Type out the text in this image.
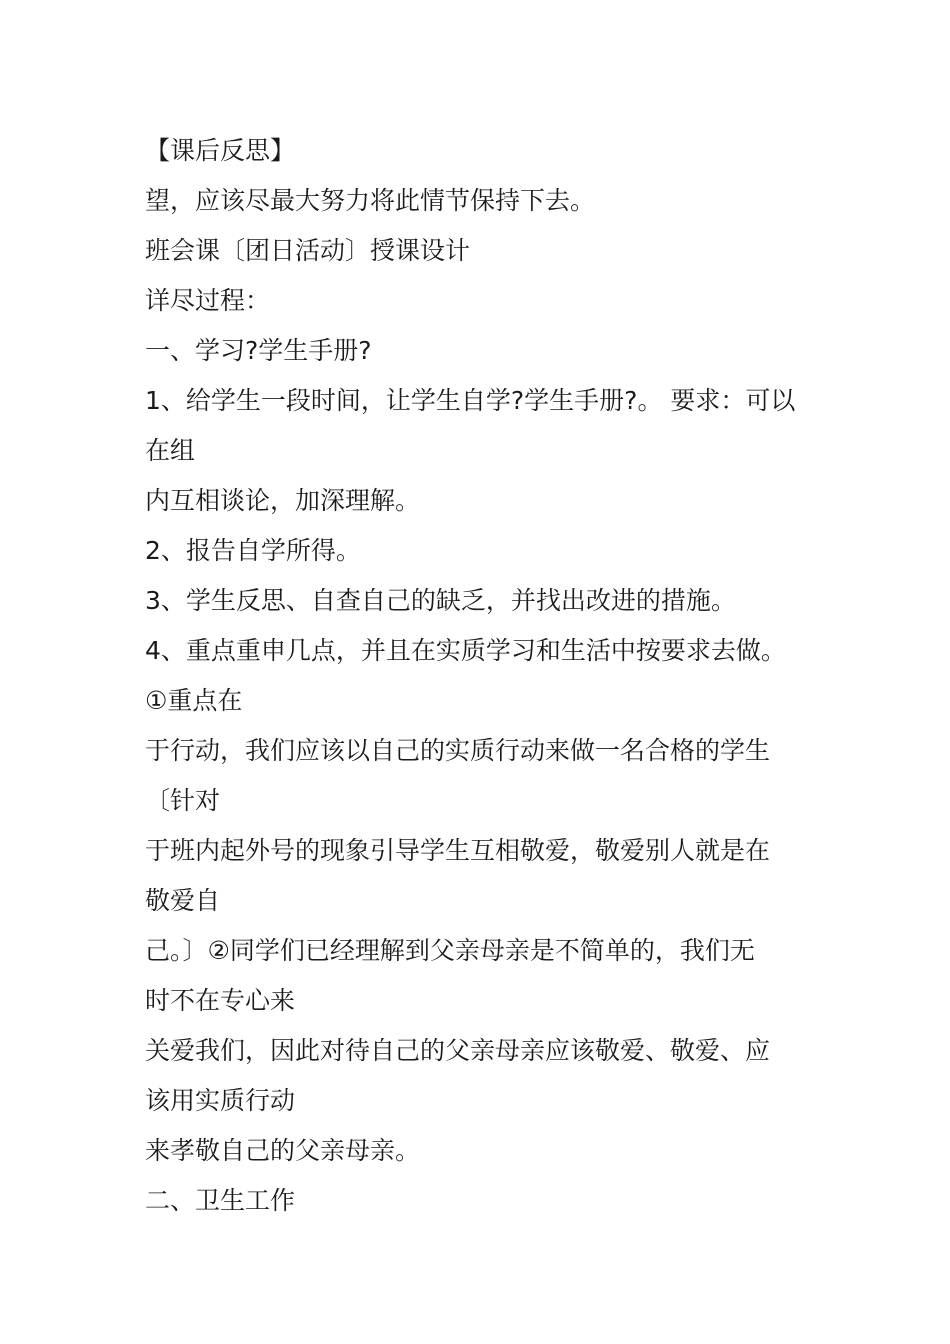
【课后反思】
望，应该尽最大努力将此情节保持下去。
班会课〔团日活动〕授课设计
详尽过程：
一、学习?学生手册?
1、给学生一段时间，让学生自学?学生手册?。 要求：可以
在组
内互相谈论，加深理解。
2、报告自学所得。
3、学生反思、自查自己的缺乏，并找出改进的措施。
4、重点重申几点，并且在实质学习和生活中按要求去做。
①重点在
于行动，我们应该以自己的实质行动来做一名合格的学生
〔针对
于班内起外号的现象引导学生互相敬爱，敬爱别人就是在
敬爱自
己。〕②同学们已经理解到父亲母亲是不简单的，我们无
时不在专心来
关爱我们，因此对待自己的父亲母亲应该敬爱、敬爱、应
该用实质行动
来孝敬自己的父亲母亲。
二、卫生工作
